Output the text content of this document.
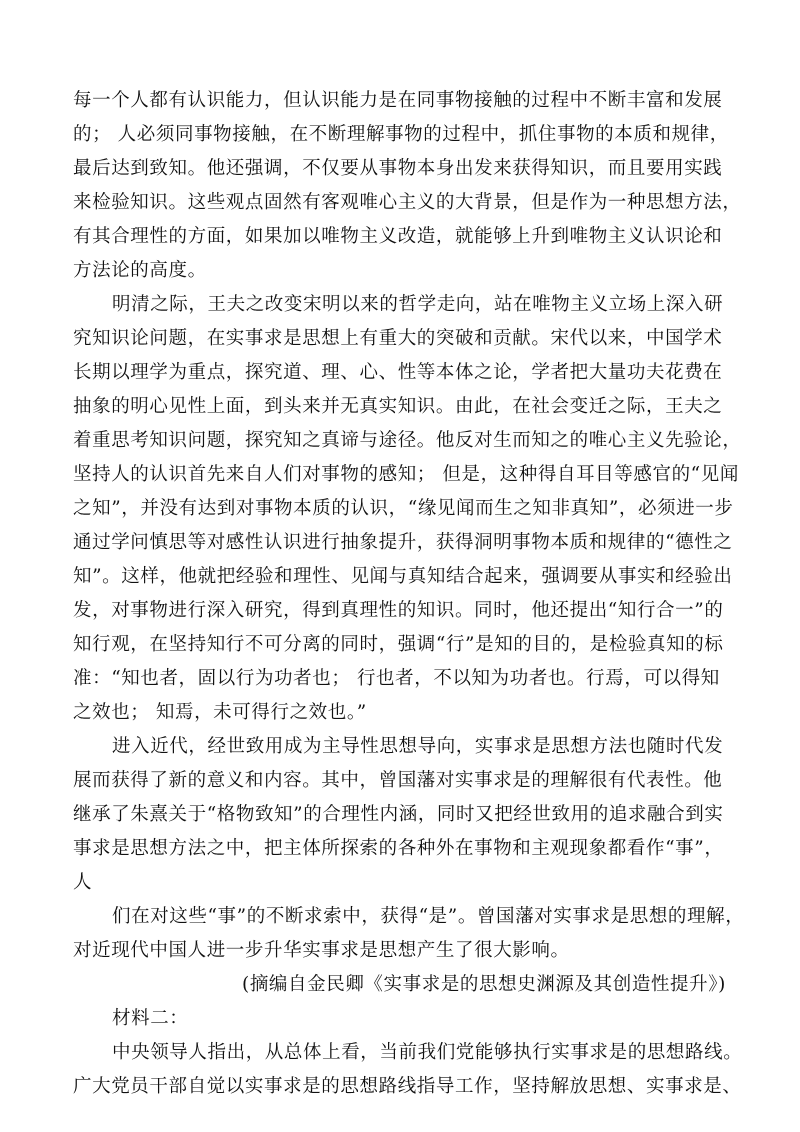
每一个人都有认识能力，但认识能力是在同事物接触的过程中不断丰富和发展
的； 人必须同事物接触，在不断理解事物的过程中，抓住事物的本质和规律，
最后达到致知。他还强调，不仅要从事物本身出发来获得知识，而且要用实践
来检验知识。这些观点固然有客观唯心主义的大背景，但是作为一种思想方法，
有其合理性的方面，如果加以唯物主义改造，就能够上升到唯物主义认识论和
方法论的高度。
明清之际，王夫之改变宋明以来的哲学走向，站在唯物主义立场上深入研
究知识论问题，在实事求是思想上有重大的突破和贡献。宋代以来，中国学术
长期以理学为重点，探究道、理、心、性等本体之论，学者把大量功夫花费在
抽象的明心见性上面，到头来并无真实知识。由此，在社会变迁之际，王夫之
着重思考知识问题，探究知之真谛与途径。他反对生而知之的唯心主义先验论，
坚持人的认识首先来自人们对事物的感知； 但是，这种得自耳目等感官的“见闻
之知”，并没有达到对事物本质的认识，“缘见闻而生之知非真知”，必须进一步
通过学问慎思等对感性认识进行抽象提升，获得洞明事物本质和规律的“德性之
知”。这样，他就把经验和理性、见闻与真知结合起来，强调要从事实和经验出
发，对事物进行深入研究，得到真理性的知识。同时，他还提出“知行合一”的
知行观，在坚持知行不可分离的同时，强调“行”是知的目的，是检验真知的标
准：“知也者，固以行为功者也； 行也者，不以知为功者也。行焉，可以得知
之效也； 知焉，未可得行之效也。”
进入近代，经世致用成为主导性思想导向，实事求是思想方法也随时代发
展而获得了新的意义和内容。其中，曾国藩对实事求是的理解很有代表性。他
继承了朱熹关于“格物致知”的合理性内涵，同时又把经世致用的追求融合到实
事求是思想方法之中，把主体所探索的各种外在事物和主观现象都看作“事”，
人
们在对这些“事”的不断求索中，获得“是”。曾国藩对实事求是思想的理解，
对近现代中国人进一步升华实事求是思想产生了很大影响。
(摘编自金民卿《实事求是的思想史渊源及其创造性提升》)
材料二：
中央领导人指出，从总体上看，当前我们党能够执行实事求是的思想路线。
广大党员干部自觉以实事求是的思想路线指导工作，坚持解放思想、实事求是、
